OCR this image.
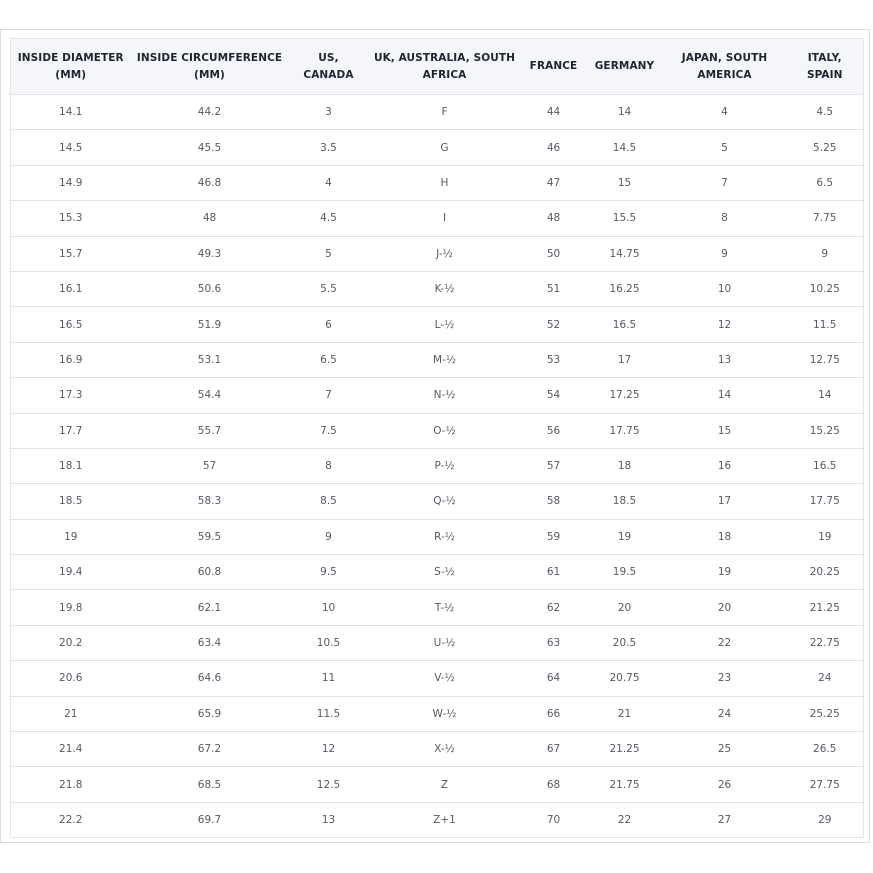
INSIDE DIAMETER (MM)	INSIDE CIRCUMFERENCE (MM)	US, CANADA	UK, AUSTRALIA, SOUTH AFRICA	FRANCE	GERMANY	JAPAN, SOUTH AMERICA	ITALY, SPAIN
14.1	44.2	3	F	44	14	4	4.5
14.5	45.5	3.5	G	46	14.5	5	5.25
14.9	46.8	4	H	47	15	7	6.5
15.3	48	4.5	I	48	15.5	8	7.75
15.7	49.3	5	J-½	50	14.75	9	9
16.1	50.6	5.5	K-½	51	16.25	10	10.25
16.5	51.9	6	L-½	52	16.5	12	11.5
16.9	53.1	6.5	M-½	53	17	13	12.75
17.3	54.4	7	N-½	54	17.25	14	14
17.7	55.7	7.5	O-½	56	17.75	15	15.25
18.1	57	8	P-½	57	18	16	16.5
18.5	58.3	8.5	Q-½	58	18.5	17	17.75
19	59.5	9	R-½	59	19	18	19
19.4	60.8	9.5	S-½	61	19.5	19	20.25
19.8	62.1	10	T-½	62	20	20	21.25
20.2	63.4	10.5	U-½	63	20.5	22	22.75
20.6	64.6	11	V-½	64	20.75	23	24
21	65.9	11.5	W-½	66	21	24	25.25
21.4	67.2	12	X-½	67	21.25	25	26.5
21.8	68.5	12.5	Z	68	21.75	26	27.75
22.2	69.7	13	Z+1	70	22	27	29
